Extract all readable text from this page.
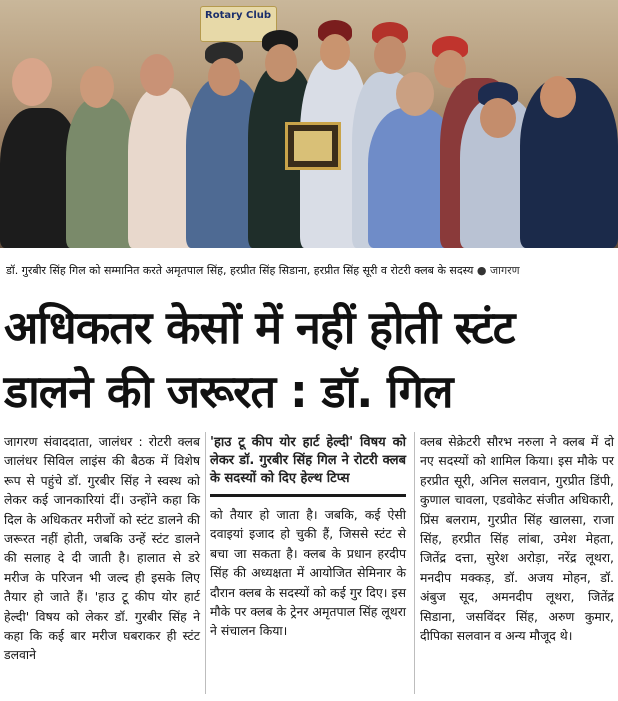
Rotary Club
डॉ. गुरबीर सिंह गिल को सम्मानित करते अमृतपाल सिंह, हरप्रीत सिंह सिडाना, हरप्रीत सिंह सूरी व रोटरी क्लब के सदस्य ● जागरण
अधिकतर केसों में नहीं होती स्टंट
डालने की जरूरत : डॉ. गिल

जागरण संवाददाता, जालंधर : रोटरी क्लब जालंधर सिविल लाइंस की बैठक में विशेष रूप से पहुंचे डॉ. गुरबीर सिंह ने स्वस्थ को लेकर कई जानकारियां दीं। उन्होंने कहा कि दिल के अधिकतर मरीजों को स्टंट डालने की जरूरत नहीं होती, जबकि उन्हें स्टंट डालने की सलाह दे दी जाती है। हालात से डरे मरीज के परिजन भी जल्द ही इसके लिए तैयार हो जाते हैं। 'हाउ टू कीप योर हार्ट हेल्दी' विषय को लेकर डॉ. गुरबीर सिंह ने कहा कि कई बार मरीज घबराकर ही स्टंट डलवाने

'हाउ टू कीप योर हार्ट हेल्दी' विषय को लेकर डॉ. गुरबीर सिंह गिल ने रोटरी क्लब के सदस्यों को दिए हेल्थ टिप्स

को तैयार हो जाता है। जबकि, कई ऐसी दवाइयां इजाद हो चुकी हैं, जिससे स्टंट से बचा जा सकता है। क्लब के प्रधान हरदीप सिंह की अध्यक्षता में आयोजित सेमिनार के दौरान क्लब के सदस्यों को कई गुर दिए। इस मौके पर क्लब के ट्रेनर अमृतपाल सिंह लूथरा ने संचालन किया।

क्लब सेक्रेटरी सौरभ नरुला ने क्लब में दो नए सदस्यों को शामिल किया। इस मौके पर हरप्रीत सूरी, अनिल सलवान, गुरप्रीत डिंपी, कुणाल चावला, एडवोकेट संजीत अधिकारी, प्रिंस बलराम, गुरप्रीत सिंह खालसा, राजा सिंह, हरप्रीत सिंह लांबा, उमेश मेहता, जितेंद्र दत्ता, सुरेश अरोड़ा, नरेंद्र लूथरा, मनदीप मक्कड़, डॉ. अजय मोहन, डॉ. अंबुज सूद, अमनदीप लूथरा, जितेंद्र सिडाना, जसविंदर सिंह, अरुण कुमार, दीपिका सलवान व अन्य मौजूद थे।
